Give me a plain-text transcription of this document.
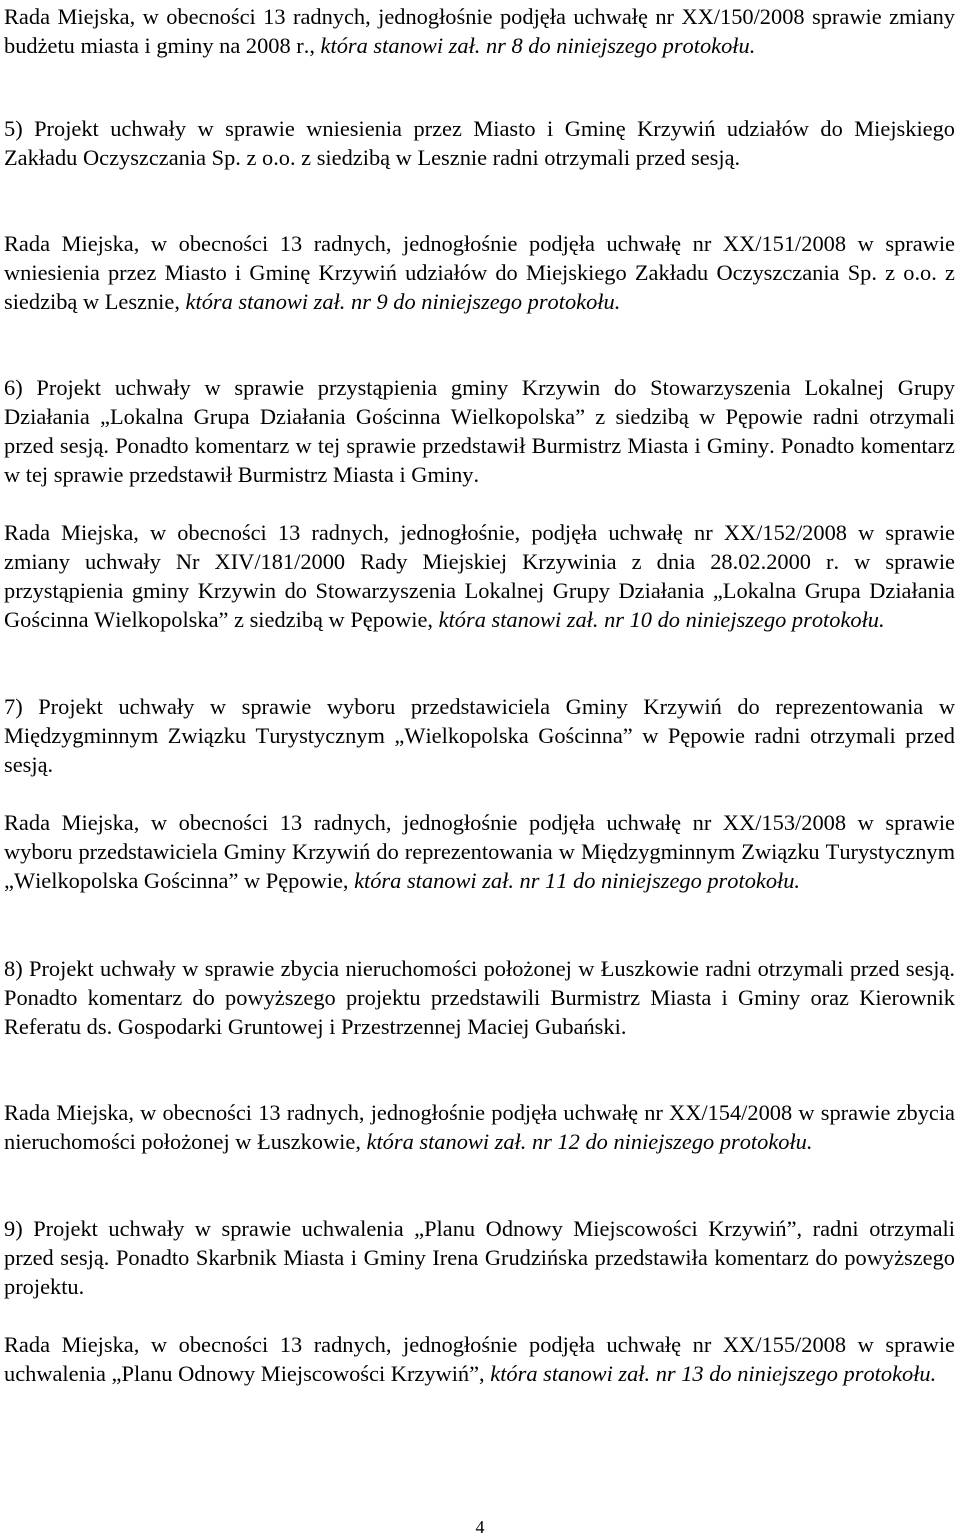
Rada Miejska, w obecności 13 radnych, jednogłośnie podjęła uchwałę nr XX/150/2008 sprawie zmiany budżetu miasta i gminy na 2008 r., która stanowi zał. nr 8 do niniejszego protokołu.

5) Projekt uchwały w sprawie wniesienia przez Miasto i Gminę Krzywiń udziałów do Miejskiego Zakładu Oczyszczania Sp. z o.o. z siedzibą w Lesznie radni otrzymali przed sesją.

Rada Miejska, w obecności 13 radnych, jednogłośnie podjęła uchwałę nr XX/151/2008 w sprawie wniesienia przez Miasto i Gminę Krzywiń udziałów do Miejskiego Zakładu Oczyszczania Sp. z o.o. z siedzibą w Lesznie, która stanowi zał. nr 9 do niniejszego protokołu.

6) Projekt uchwały w sprawie przystąpienia gminy Krzywin do Stowarzyszenia Lokalnej Grupy Działania „Lokalna Grupa Działania Gościnna Wielkopolska” z siedzibą w Pępowie radni otrzymali przed sesją. Ponadto komentarz w tej sprawie przedstawił Burmistrz Miasta i Gminy. Ponadto komentarz w tej sprawie przedstawił Burmistrz Miasta i Gminy.

Rada Miejska, w obecności 13 radnych, jednogłośnie, podjęła uchwałę nr XX/152/2008 w sprawie zmiany uchwały Nr XIV/181/2000 Rady Miejskiej Krzywinia z dnia 28.02.2000 r. w sprawie przystąpienia gminy Krzywin do Stowarzyszenia Lokalnej Grupy Działania „Lokalna Grupa Działania Gościnna Wielkopolska” z siedzibą w Pępowie, która stanowi zał. nr 10 do niniejszego protokołu.

7) Projekt uchwały w sprawie wyboru przedstawiciela Gminy Krzywiń do reprezentowania w Międzygminnym Związku Turystycznym „Wielkopolska Gościnna” w Pępowie radni otrzymali przed sesją.

Rada Miejska, w obecności 13 radnych, jednogłośnie podjęła uchwałę nr XX/153/2008 w sprawie wyboru przedstawiciela Gminy Krzywiń do reprezentowania w Międzygminnym Związku Turystycznym „Wielkopolska Gościnna” w Pępowie, która stanowi zał. nr 11 do niniejszego protokołu.

8) Projekt uchwały w sprawie zbycia nieruchomości położonej w Łuszkowie radni otrzymali przed sesją. Ponadto komentarz do powyższego projektu przedstawili Burmistrz Miasta i Gminy oraz Kierownik Referatu ds. Gospodarki Gruntowej i Przestrzennej Maciej Gubański.

Rada Miejska, w obecności 13 radnych, jednogłośnie podjęła uchwałę nr XX/154/2008 w sprawie zbycia nieruchomości położonej w Łuszkowie, która stanowi zał. nr 12 do niniejszego protokołu.

9) Projekt uchwały w sprawie uchwalenia „Planu Odnowy Miejscowości Krzywiń”, radni otrzymali przed sesją. Ponadto Skarbnik Miasta i Gminy Irena Grudzińska przedstawiła komentarz do powyższego projektu.

Rada Miejska, w obecności 13 radnych, jednogłośnie podjęła uchwałę nr XX/155/2008 w sprawie uchwalenia „Planu Odnowy Miejscowości Krzywiń”, która stanowi zał. nr 13 do niniejszego protokołu.

4
